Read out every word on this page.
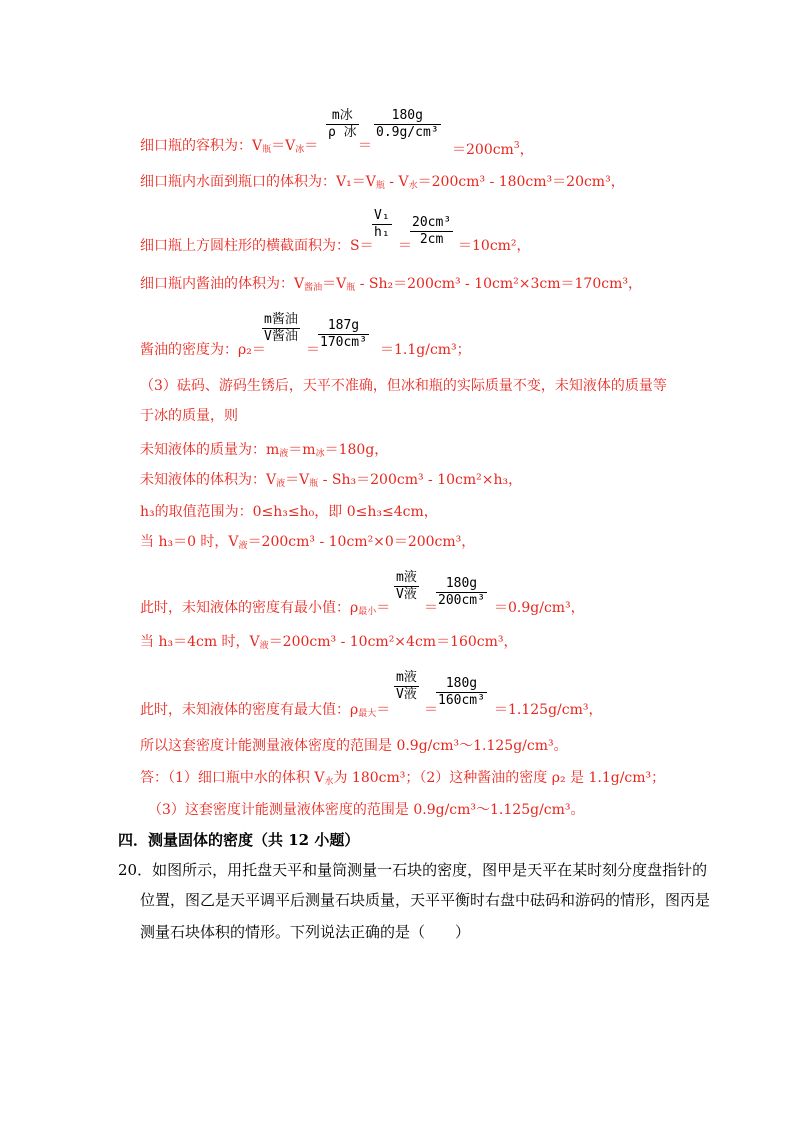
m冰
ρ 冰 $\frac{180g}{\text{0.9g/cm³}}$
细口瓶的容积为：$V_瓶=V_冰=$	＝	$=200cm^3$，
细口瓶内水面到瓶口的体积为：$V_1=V_瓶 - V_水=200cm^3 - 180cm^3=20cm^3$，
$\frac{\text{V₁}}{\text{h₁}} \frac{\text{20cm³}}{2cm}$
细口瓶上方圆柱形的横截面积为：S＝ ＝	＝10cm²，
细口瓶内酱油的体积为：$V_{酱油}=V_瓶 - Sh_2=200cm^3 - 10cm^2\times 3cm=170cm^3$，
m酱油
V酱油 $\frac{187g}{\text{170cm³}}$
酱油的密度为：ρ₂＝	＝	＝1.1g/cm³；
（3）砝码、游码生锈后，天平不准确，但冰和瓶的实际质量不变，未知液体的质量等
于冰的质量，则
未知液体的质量为：$m_液=m_冰=180g$，
未知液体的体积为：$V_液=V_瓶 - Sh_3=200cm^3 - 10cm^2\times h_3$，
h₃的取值范围为：0≤h₃≤h₀，即 0≤h₃≤4cm，
当 h₃＝0 时，$V_液=200cm^3 - 10cm^2\times 0=200cm^3$，
m液
V液 $\frac{180g}{\text{200cm³}}$
此时，未知液体的密度有最小值：$\rho_{最小}=$ ＝	＝0.9g/cm³，
当 h₃＝4cm 时，$V_液=200cm^3 - 10cm^2\times 4cm=160cm^3$，
m液
V液 $\frac{180g}{\text{160cm³}}$
此时，未知液体的密度有最大值：$\rho_{最大}=$ ＝	＝1.125g/cm³，
所以这套密度计能测量液体密度的范围是 0.9g/cm³～1.125g/cm³。
答：（1）细口瓶中水的体积 $V_水$为 180cm³；（2）这种酱油的密度 ρ₂ 是 1.1g/cm³；
（3）这套密度计能测量液体密度的范围是 0.9g/cm³～1.125g/cm³。
四．测量固体的密度（共 12 小题）
20．如图所示，用托盘天平和量筒测量一石块的密度，图甲是天平在某时刻分度盘指针的
位置，图乙是天平调平后测量石块质量，天平平衡时右盘中砝码和游码的情形，图丙是
测量石块体积的情形。下列说法正确的是（　　）
